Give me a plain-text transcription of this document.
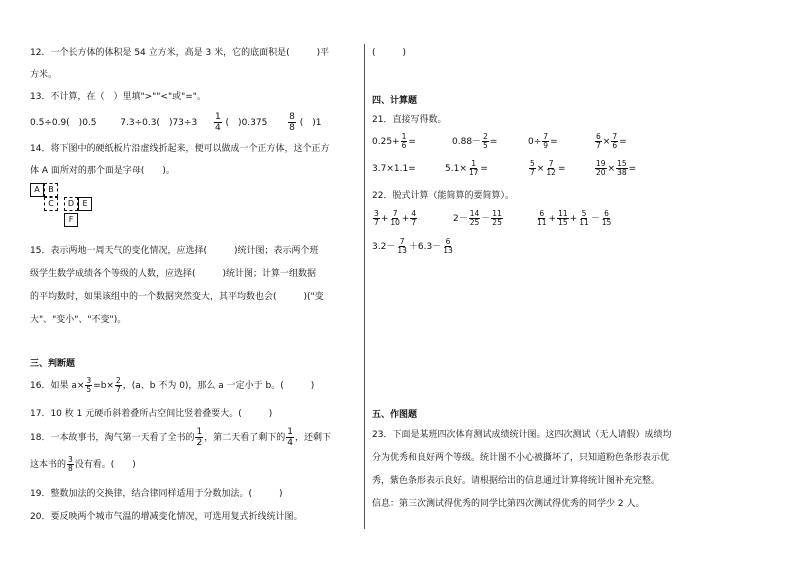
12．一个长方体的体积是 54 立方米，高是 3 米，它的底面积是(　　　)平
方米。
13．不计算，在（　）里填">""<"或"="。
0.5÷0.9(　)0.5	7.3÷0.3(　)$73\div 3 \frac{1}{4}$ (　)$0.375 \frac{8}{8}$ (　)1
14．将下图中的硬纸板片沿虚线折起来，便可以做成一个正方体，这个正方
体 A 面所对的那个面是字母(　　)。
A	B
C	D	E
F
15．表示两地一周天气的变化情况，应选择(　　　)统计图；表示两个班
级学生数学成绩各个等级的人数，应选择(　　　)统计图；计算一组数据
的平均数时，如果该组中的一个数据突然变大，其平均数也会(　　　)("变
大"、"变小"、"不变")。
三、判断题
16．如果 $a\times \frac{3}{5} =b\times \frac{2}{7}$ ，(a、b 不为 0)，那么 a 一定小于 b。(　　　)
17．10 枚 1 元硬币斜着叠所占空间比竖着叠要大。(　　　)
18．一本故事书，淘气第一天看了全书的 $\frac{1}{2}$ ，第二天看了剩下的 $\frac{1}{4}$ ，还剩下
这本书的 $\frac{3}{8}$ 没有看。(　　)
19．整数加法的交换律，结合律同样适用于分数加法。(　　　)
20．要反映两个城市气温的增减变化情况，可选用复式折线统计图。
(　　　)
四、计算题
21．直接写得数。
$0.25+ \frac{1}{6}$ =	$0.88- \frac{2}{5}$ =	$0\div \frac{7}{9}$ =	$\frac{6}{7} \times \frac{7}{6}$ =
3.7×1.1=	$5.1\times \frac{1}{17}$ =	$\frac{5}{7} \times \frac{7}{12}$ =	$\frac{19}{20} \times \frac{15}{38}$ =
22．脱式计算（能简算的要简算）。
$\frac{3}{7} + \frac{7}{10} + \frac{4}{7}$	$2- \frac{14}{25} - \frac{11}{25}$	$\frac{6}{11} + \frac{11}{15} + \frac{5}{11} - \frac{6}{15}$
$3.2- \frac{7}{13} +6.3- \frac{6}{13}$
五、作图题
23．下面是某班四次体育测试成绩统计图。这四次测试（无人请假）成绩均
分为优秀和良好两个等级。统计图不小心被撕坏了，只知道粉色条形表示优
秀，紫色条形表示良好。请根据给出的信息通过计算将统计图补充完整。
信息：第三次测试得优秀的同学比第四次测试得优秀的同学少 2 人。
